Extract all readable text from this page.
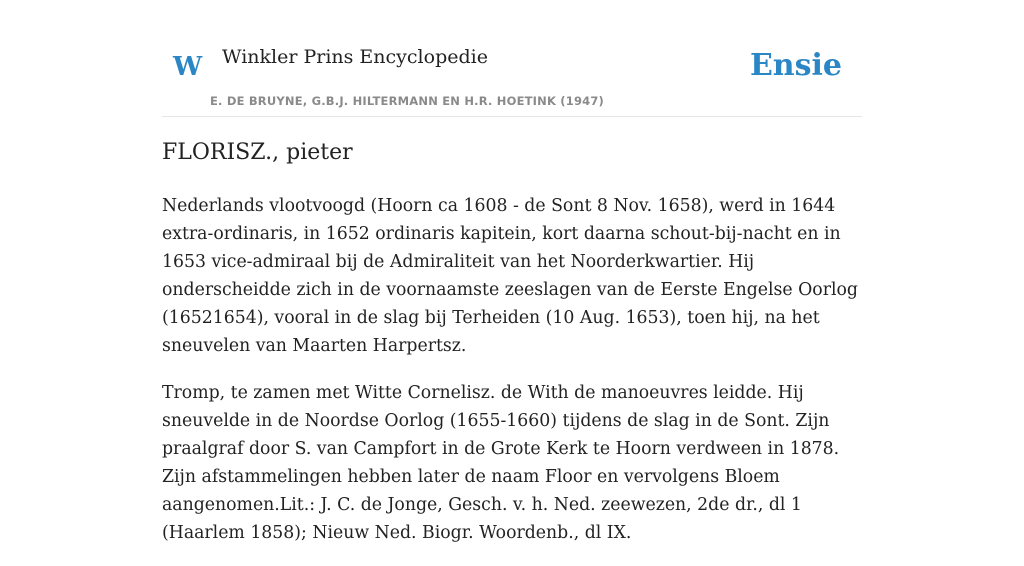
W Winkler Prins Encyclopedie
E. DE BRUYNE, G.B.J. HILTERMANN EN H.R. HOETINK (1947)
Ensie
FLORISZ., pieter

Nederlands vlootvoogd (Hoorn ca 1608 - de Sont 8 Nov. 1658), werd in 1644 extra-ordinaris, in 1652 ordinaris kapitein, kort daarna schout-bij-nacht en in 1653 vice-admiraal bij de Admiraliteit van het Noorderkwartier. Hij onderscheidde zich in de voornaamste zeeslagen van de Eerste Engelse Oorlog (16521654), vooral in de slag bij Terheiden (10 Aug. 1653), toen hij, na het sneuvelen van Maarten Harpertsz.

Tromp, te zamen met Witte Cornelisz. de With de manoeuvres leidde. Hij sneuvelde in de Noordse Oorlog (1655-1660) tijdens de slag in de Sont. Zijn praalgraf door S. van Campfort in de Grote Kerk te Hoorn verdween in 1878. Zijn afstammelingen hebben later de naam Floor en vervolgens Bloem aangenomen.Lit.: J. C. de Jonge, Gesch. v. h. Ned. zeewezen, 2de dr., dl 1 (Haarlem 1858); Nieuw Ned. Biogr. Woordenb., dl IX.
